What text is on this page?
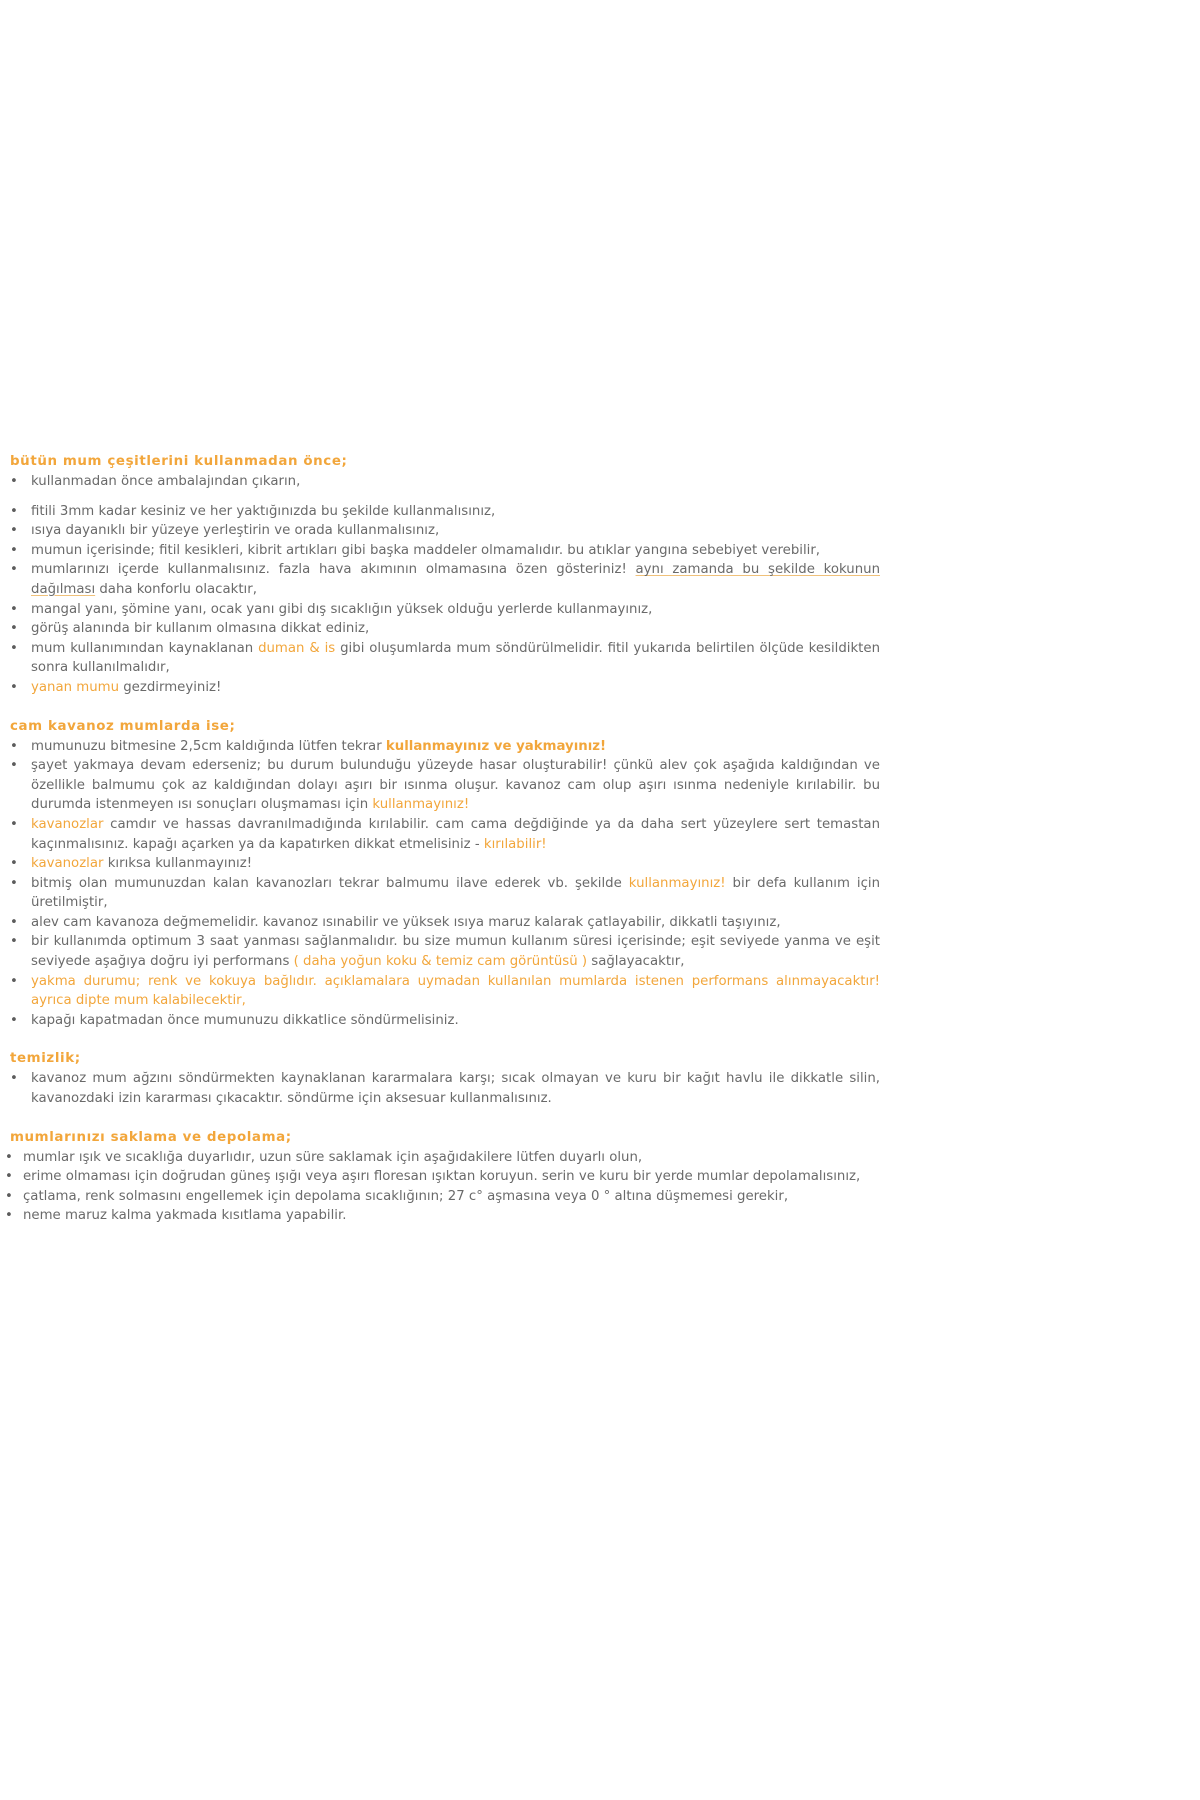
bütün mum çeşitlerini kullanmadan önce;

• kullanmadan önce ambalajından çıkarın,
• fitili 3mm kadar kesiniz ve her yaktığınızda bu şekilde kullanmalısınız,
• ısıya dayanıklı bir yüzeye yerleştirin ve orada kullanmalısınız,
• mumun içerisinde; fitil kesikleri, kibrit artıkları gibi başka maddeler olmamalıdır. bu atıklar yangına sebebiyet verebilir,
• mumlarınızı içerde kullanmalısınız. fazla hava akımının olmamasına özen gösteriniz! aynı zamanda bu şekilde kokunun dağılması daha konforlu olacaktır,
• mangal yanı, şömine yanı, ocak yanı gibi dış sıcaklığın yüksek olduğu yerlerde kullanmayınız,
• görüş alanında bir kullanım olmasına dikkat ediniz,
• mum kullanımından kaynaklanan duman & is gibi oluşumlarda mum söndürülmelidir. fitil yukarıda belirtilen ölçüde kesildikten sonra kullanılmalıdır,
• yanan mumu gezdirmeyiniz!

cam kavanoz mumlarda ise;

• mumunuzu bitmesine 2,5cm kaldığında lütfen tekrar kullanmayınız ve yakmayınız!
• şayet yakmaya devam ederseniz; bu durum bulunduğu yüzeyde hasar oluşturabilir! çünkü alev çok aşağıda kaldığından ve özellikle balmumu çok az kaldığından dolayı aşırı bir ısınma oluşur. kavanoz cam olup aşırı ısınma nedeniyle kırılabilir. bu durumda istenmeyen ısı sonuçları oluşmaması için kullanmayınız!
• kavanozlar camdır ve hassas davranılmadığında kırılabilir. cam cama değdiğinde ya da daha sert yüzeylere sert temastan kaçınmalısınız. kapağı açarken ya da kapatırken dikkat etmelisiniz - kırılabilir!
• kavanozlar kırıksa kullanmayınız!
• bitmiş olan mumunuzdan kalan kavanozları tekrar balmumu ilave ederek vb. şekilde kullanmayınız! bir defa kullanım için üretilmiştir,
• alev cam kavanoza değmemelidir. kavanoz ısınabilir ve yüksek ısıya maruz kalarak çatlayabilir, dikkatli taşıyınız,
• bir kullanımda optimum 3 saat yanması sağlanmalıdır. bu size mumun kullanım süresi içerisinde; eşit seviyede yanma ve eşit seviyede aşağıya doğru iyi performans ( daha yoğun koku & temiz cam görüntüsü ) sağlayacaktır,
• yakma durumu; renk ve kokuya bağlıdır. açıklamalara uymadan kullanılan mumlarda istenen performans alınmayacaktır! ayrıca dipte mum kalabilecektir,
• kapağı kapatmadan önce mumunuzu dikkatlice söndürmelisiniz.

temizlik;

• kavanoz mum ağzını söndürmekten kaynaklanan kararmalara karşı; sıcak olmayan ve kuru bir kağıt havlu ile dikkatle silin, kavanozdaki izin kararması çıkacaktır. söndürme için aksesuar kullanmalısınız.

mumlarınızı saklama ve depolama;

• mumlar ışık ve sıcaklığa duyarlıdır, uzun süre saklamak için aşağıdakilere lütfen duyarlı olun,
• erime olmaması için doğrudan güneş ışığı veya aşırı floresan ışıktan koruyun. serin ve kuru bir yerde mumlar depolamalısınız,
• çatlama, renk solmasını engellemek için depolama sıcaklığının; 27 c° aşmasına veya 0 ° altına düşmemesi gerekir,
• neme maruz kalma yakmada kısıtlama yapabilir.
